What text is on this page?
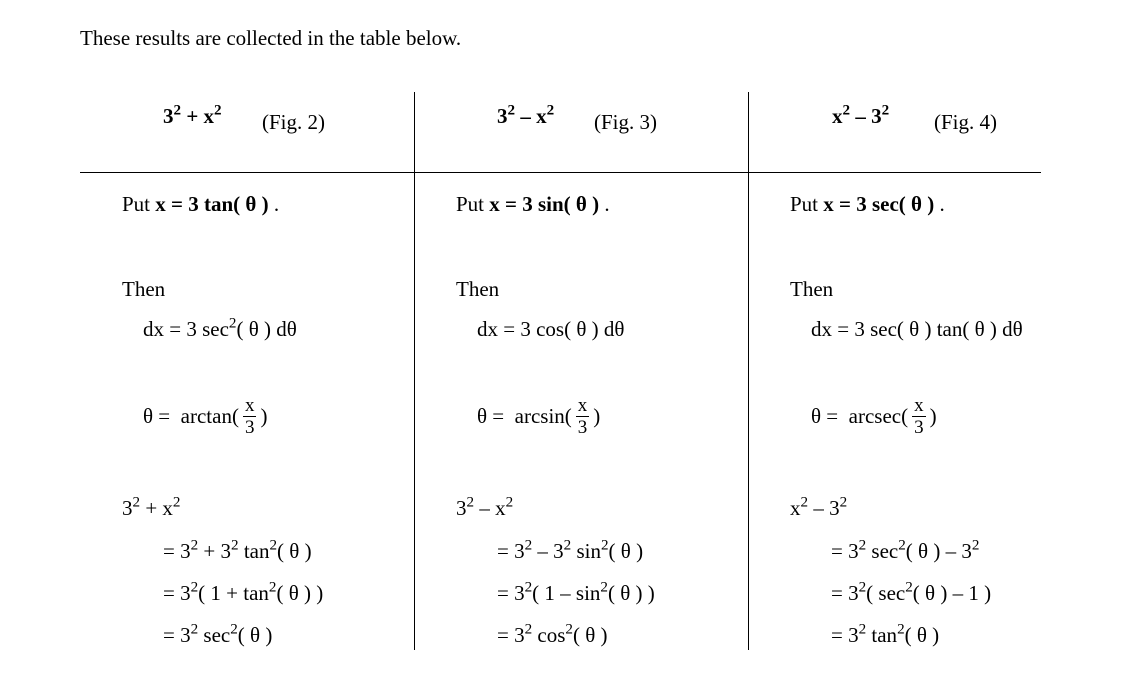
These results are collected in the table below.
$3^2 + x^2$ (Fig. 2)
Put x = 3 tan( θ ) .
Then
dx = 3 $\sec^2$( θ ) dθ
$\theta = \arctan( \frac{x}{3}$ )
$3^2 + x^2$
= $3^2 + 3^2$ $\tan^2$( θ )
= $3^2$( $1 + \tan^2$( θ ) )
= $3^2$ $\sec^2$( θ )
$3^2 - x^2$ (Fig. 3)
Put x = 3 sin( θ ) .
Then
dx = 3 cos( θ ) dθ
$\theta = \arcsin( \frac{x}{3}$ )
$3^2 - x^2$
= $3^2 - 3^2$ $\sin^2$( θ )
= $3^2$( $1 - \sin^2$( θ ) )
= $3^2$ $\cos^2$( θ )
$x^2 - 3^2$ (Fig. 4)
Put x = 3 sec( θ ) .
Then
dx = 3 sec( θ ) tan( θ ) dθ
$\theta = arcsec( \frac{x}{3}$ )
$x^2 - 3^2$
= $3^2$ $\sec^2$( θ ) – $3^2$
= $3^2$( $\sec^2$( θ ) – 1 )
= $3^2$ $\tan^2$( θ )
